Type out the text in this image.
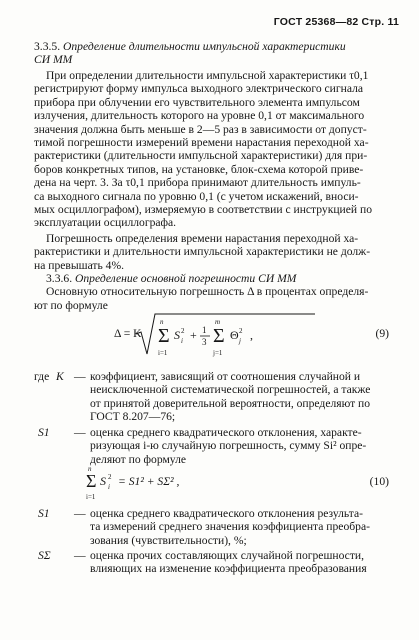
ГОСТ 25368—82 Стр. 11
3.3.5. Определение длительности импульсной характеристики
СИ ММ
При определении длительности импульсной характеристики τ0,1
регистрируют форму импульса выходного электрического сигнала
прибора при облучении его чувствительного элемента импульсом
излучения, длительность которого на уровне 0,1 от максимального
значения должна быть меньше в 2—5 раз в зависимости от допуст-
тимой погрешности измерений времени нарастания переходной ха-
рактеристики (длительности импульсной характеристики) для при-
боров конкретных типов, на установке, блок-схема которой приве-
дена на черт. 3. За τ0,1 прибора принимают длительность импуль-
са выходного сигнала по уровню 0,1 (с учетом искажений, вноси-
мых осциллографом), измеряемую в соответствии с инструкцией по
эксплуатации осциллографа.
Погрешность определения времени нарастания переходной ха-
рактеристики и длительности импульсной характеристики не долж-
на превышать 4%.
3.3.6. Определение основной погрешности СИ ММ
Основную относительную погрешность Δ в процентах определя-
ют по формуле
Σ
n
i=1
S 2
i + 1
3 Σ
m
j=1
Θ 2
j ,
Δ = K	(9)
где K — коэффициент, зависящий от соотношения случайной и
неисключенной систематической погрешностей, а также
от принятой доверительной вероятности, определяют по
ГОСТ 8.207—76;
S1	— оценка среднего квадратического отклонения, характе-
ризующая i-ю случайную погрешность, сумму Si² опре-
деляют по формуле
Σ
n
i=1
S 2
i = S1² + SΣ² ,	(10)
S1	— оценка среднего квадратического отклонения результа-
та измерений среднего значения коэффициента преобра-
зования (чувствительности), %;
SΣ	— оценка прочих составляющих случайной погрешности,
влияющих на изменение коэффициента преобразования
